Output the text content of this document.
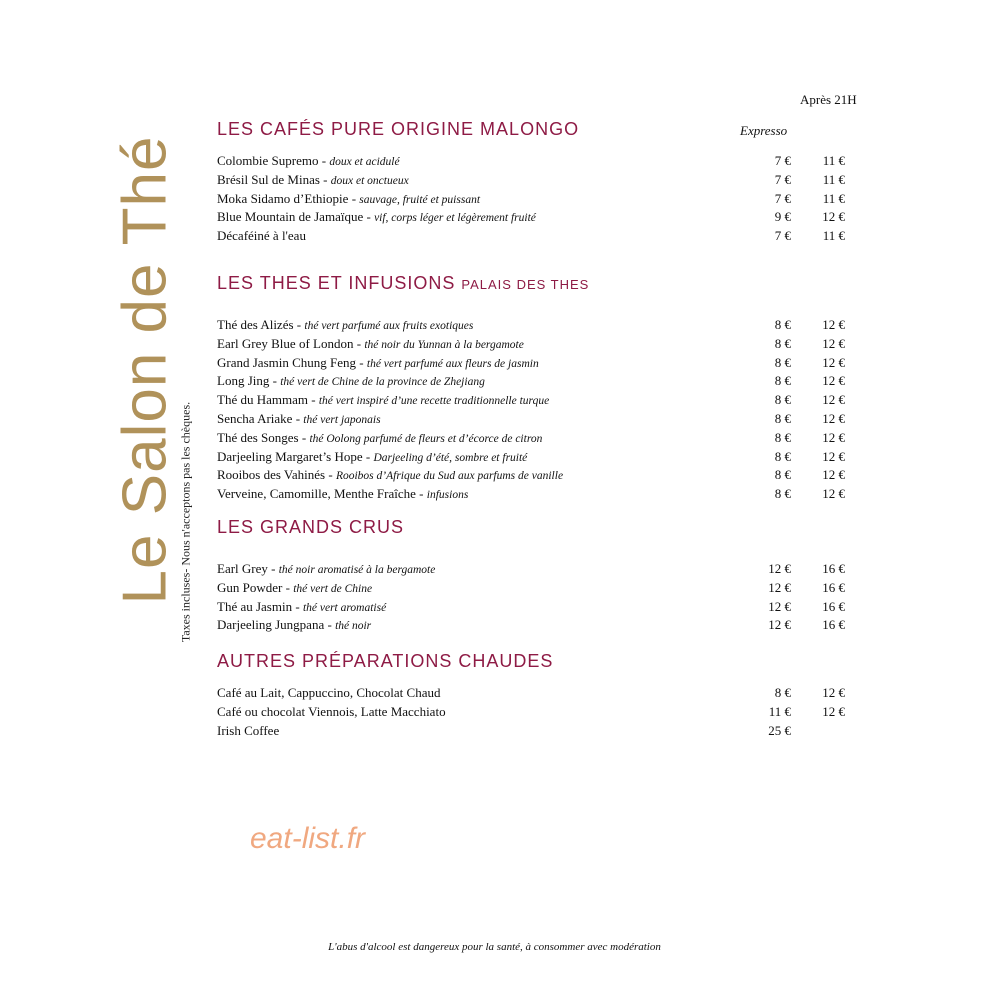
Le Salon de Thé Taxes incluses- Nous n'acceptons pas les chèques.
Après 21H
Expresso
LES CAFÉS PURE ORIGINE MALONGO
Colombie Supremo - doux et acidulé	7 € 11 €
Brésil Sul de Minas - doux et onctueux	7 € 11 €
Moka Sidamo d’Ethiopie - sauvage, fruité et puissant	7 € 11 €
Blue Mountain de Jamaïque - vif, corps léger et légèrement fruité	9 € 12 €
Décaféiné à l'eau	7 € 11 €
LES THES ET INFUSIONS PALAIS DES THES
Thé des Alizés - thé vert parfumé aux fruits exotiques	8 € 12 €
Earl Grey Blue of London - thé noir du Yunnan à la bergamote	8 € 12 €
Grand Jasmin Chung Feng - thé vert parfumé aux fleurs de jasmin	8 € 12 €
Long Jing - thé vert de Chine de la province de Zhejiang	8 € 12 €
Thé du Hammam - thé vert inspiré d’une recette traditionnelle turque	8 € 12 €
Sencha Ariake - thé vert japonais	8 € 12 €
Thé des Songes - thé Oolong parfumé de fleurs et d’écorce de citron	8 € 12 €
Darjeeling Margaret’s Hope - Darjeeling d’été, sombre et fruité	8 € 12 €
Rooibos des Vahinés - Rooibos d’Afrique du Sud aux parfums de vanille	8 € 12 €
Verveine, Camomille, Menthe Fraîche - infusions	8 € 12 €
LES GRANDS CRUS
Earl Grey - thé noir aromatisé à la bergamote	12 € 16 €
Gun Powder - thé vert de Chine	12 € 16 €
Thé au Jasmin - thé vert aromatisé	12 € 16 €
Darjeeling Jungpana - thé noir	12 € 16 €
AUTRES PRÉPARATIONS CHAUDES
Café au Lait, Cappuccino, Chocolat Chaud	8 € 12 €
Café ou chocolat Viennois, Latte Macchiato	11 € 12 €
Irish Coffee	25 €
eat-list.fr
L'abus d'alcool est dangereux pour la santé, à consommer avec modération
